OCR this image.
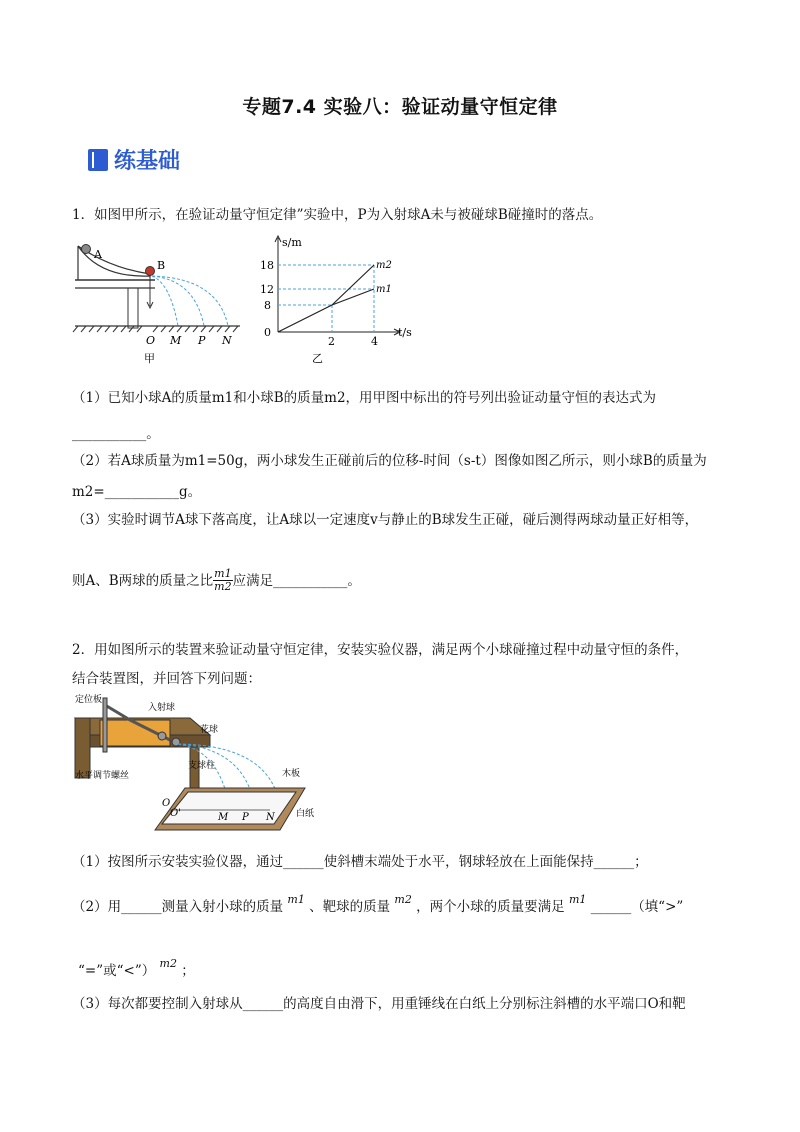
专题7.4 实验八：验证动量守恒定律
练基础
1．如图甲所示，在验证动量守恒定律”实验中，P为入射球A未与被碰球B碰撞时的落点。
A
B
O M P N
甲
s/m
t/s
18
12
8
0
2	4
m2
m1
乙
（1）已知小球A的质量m1和小球B的质量m2，用甲图中标出的符号列出验证动量守恒的表达式为
___________。
（2）若A球质量为m1=50g，两小球发生正碰前后的位移-时间（s-t）图像如图乙所示，则小球B的质量为
m2=___________g。
（3）实验时调节A球下落高度，让A球以一定速度v与静止的B球发生正碰，碰后测得两球动量正好相等，
则A、B两球的质量之比 $\frac{m1}{m2}$ 应满足___________。
2．用如图所示的装置来验证动量守恒定律，安装实验仪器，满足两个小球碰撞过程中动量守恒的条件，
结合装置图，并回答下列问题：
定位板
入射球
花球
支球柱
水平调节螺丝	木板
白纸
O
O'	M P N
（1）按图所示安装实验仪器，通过______使斜槽末端处于水平，钢球轻放在上面能保持______；
（2）用______测量入射小球的质量 $^{m1}$ 、靶球的质量 $^{m2}$ ，两个小球的质量要满足 $^{m1}$ ______（填“>”
“=”或“<”） $^{m2}$ ；
（3）每次都要控制入射球从______的高度自由滑下，用重锤线在白纸上分别标注斜槽的水平端口O和靶
